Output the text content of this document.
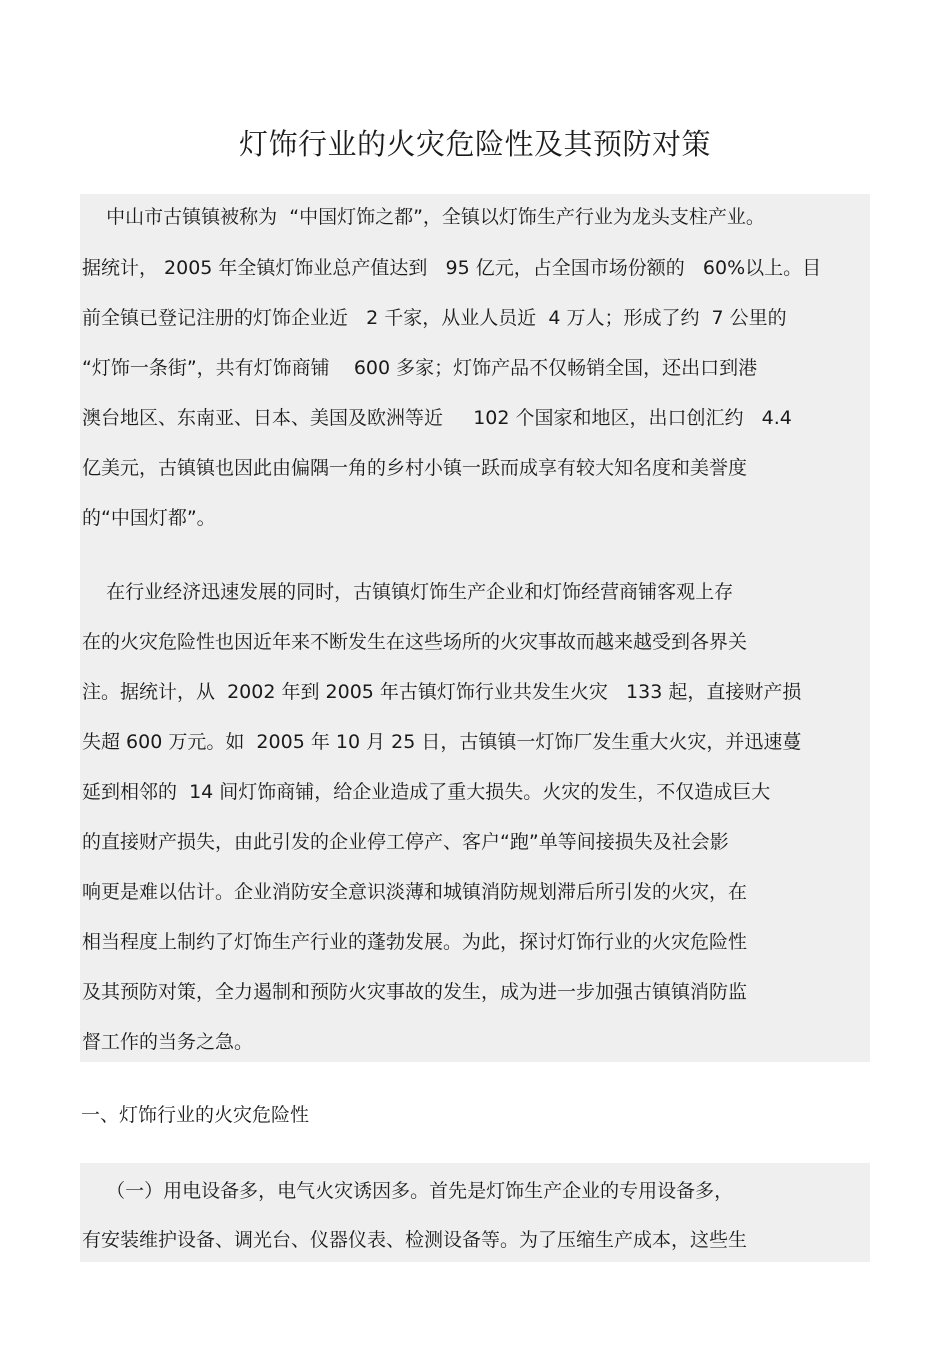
灯饰行业的火灾危险性及其预防对策
中山市古镇镇被称为  “中国灯饰之都”，全镇以灯饰生产行业为龙头支柱产业。
据统计， 2005 年全镇灯饰业总产值达到   95 亿元，占全国市场份额的   60%以上。目
前全镇已登记注册的灯饰企业近   2 千家，从业人员近  4 万人；形成了约  7 公里的
“灯饰一条街”，共有灯饰商铺    600 多家；灯饰产品不仅畅销全国，还出口到港
澳台地区、东南亚、日本、美国及欧洲等近     102 个国家和地区，出口创汇约   4.4
亿美元，古镇镇也因此由偏隅一角的乡村小镇一跃而成享有较大知名度和美誉度
的“中国灯都”。
在行业经济迅速发展的同时，古镇镇灯饰生产企业和灯饰经营商铺客观上存
在的火灾危险性也因近年来不断发生在这些场所的火灾事故而越来越受到各界关
注。据统计，从  2002 年到 2005 年古镇灯饰行业共发生火灾   133 起，直接财产损
失超 600 万元。如  2005 年 10 月 25 日，古镇镇一灯饰厂发生重大火灾，并迅速蔓
延到相邻的  14 间灯饰商铺，给企业造成了重大损失。火灾的发生，不仅造成巨大
的直接财产损失，由此引发的企业停工停产、客户“跑”单等间接损失及社会影
响更是难以估计。企业消防安全意识淡薄和城镇消防规划滞后所引发的火灾，在
相当程度上制约了灯饰生产行业的蓬勃发展。为此，探讨灯饰行业的火灾危险性
及其预防对策，全力遏制和预防火灾事故的发生，成为进一步加强古镇镇消防监
督工作的当务之急。
一、灯饰行业的火灾危险性
（一）用电设备多，电气火灾诱因多。首先是灯饰生产企业的专用设备多，
有安装维护设备、调光台、仪器仪表、检测设备等。为了压缩生产成本，这些生
